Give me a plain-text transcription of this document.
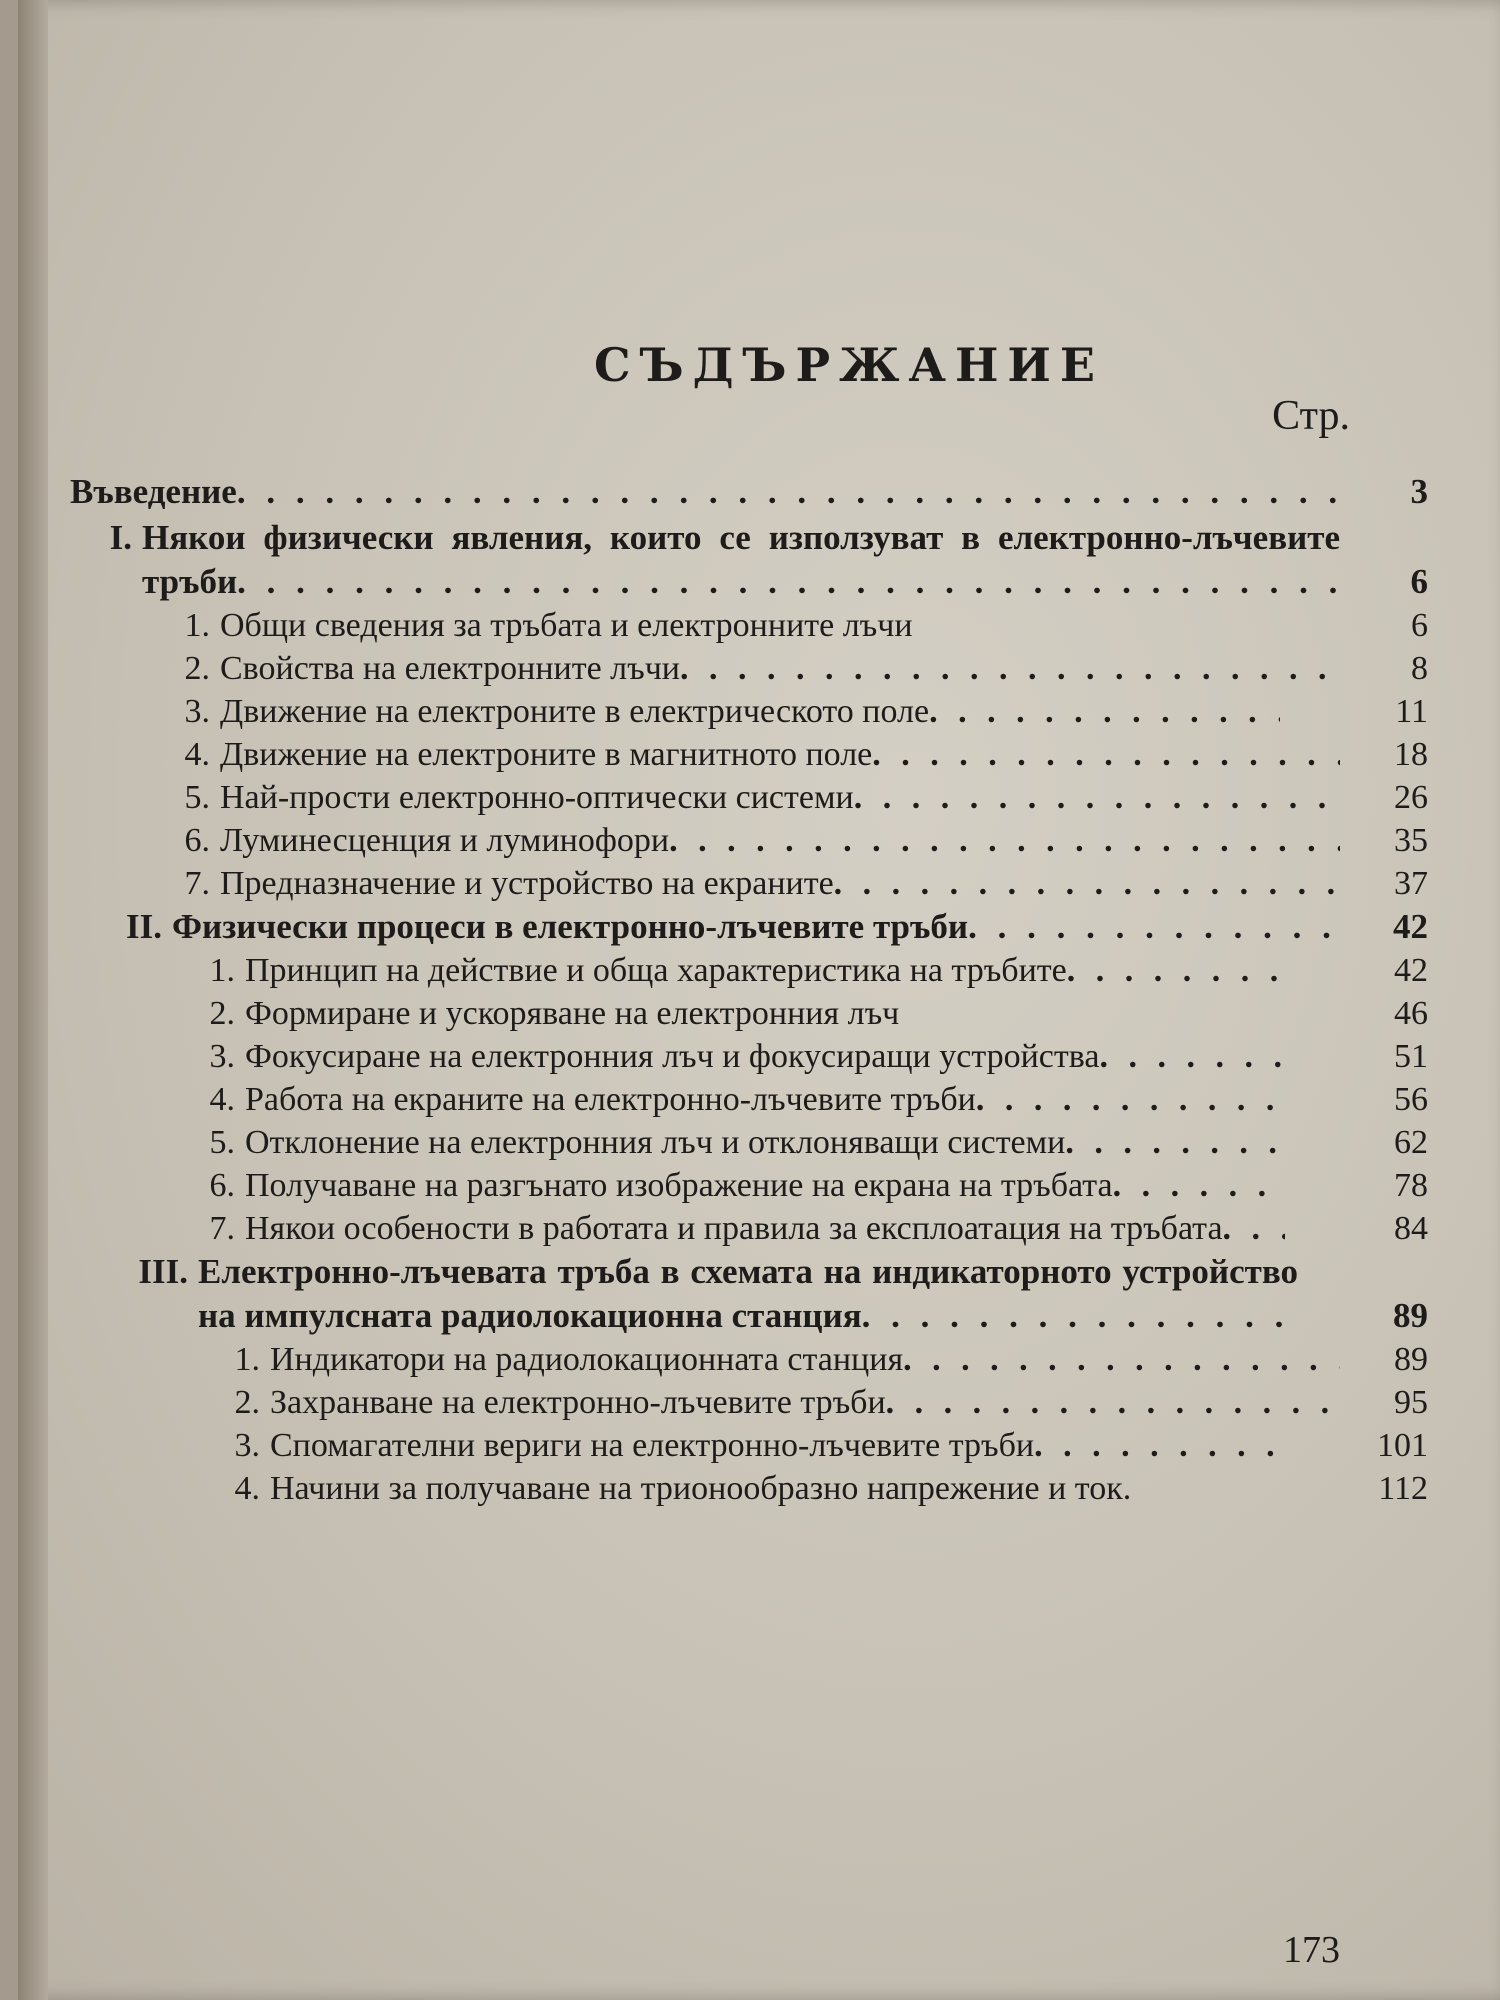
СЪДЪРЖАНИЕ
Стр.
Въведение	3
I. Някои физически явления, които се използуват в електронно-лъчевите тръби	6
1. Общи сведения за тръбата и електронните лъчи	6
2. Свойства на електронните лъчи	8
3. Движение на електроните в електрическото поле	11
4. Движение на електроните в магнитното поле	18
5. Най-прости електронно-оптически системи	26
6. Луминесценция и луминофори	35
7. Предназначение и устройство на екраните	37
II. Физически процеси в електронно-лъчевите тръби	42
1. Принцип на действие и обща характеристика на тръбите	42
2. Формиране и ускоряване на електронния лъч	46
3. Фокусиране на електронния лъч и фокусиращи устройства	51
4. Работа на екраните на електронно-лъчевите тръби	56
5. Отклонение на електронния лъч и отклоняващи системи	62
6. Получаване на разгънато изображение на екрана на тръбата	78
7. Някои особености в работата и правила за експлоатация на тръбата	84
III. Електронно-лъчевата тръба в схемата на индикаторното устройство на импулсната радиолокационна станция	89
1. Индикатори на радиолокационната станция	89
2. Захранване на електронно-лъчевите тръби	95
3. Спомагателни вериги на електронно-лъчевите тръби	101
4. Начини за получаване на трионообразно напрежение и ток.	112
173
